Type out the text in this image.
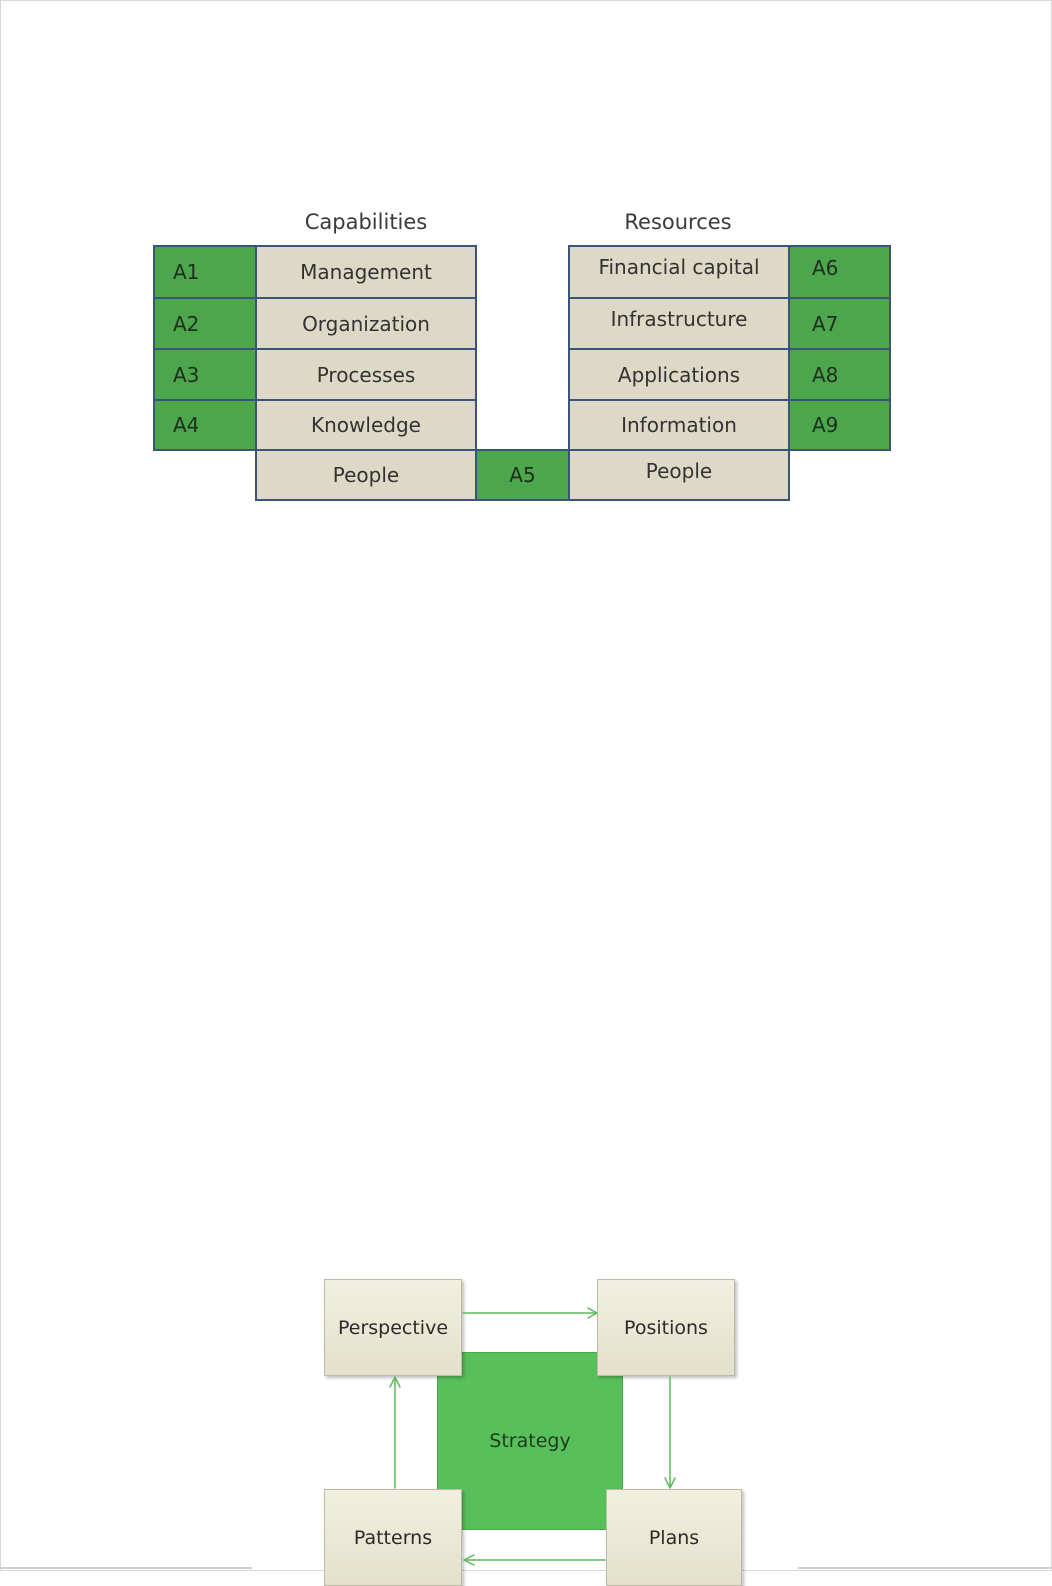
Capabilities	Resources
A1	Management
A2	Organization
A3	Processes
A4	Knowledge
People	A5
Financial capital	A6
Infrastructure	A7
Applications	A8
Information	A9
People
Strategy
Perspective	Positions
Patterns	Plans
